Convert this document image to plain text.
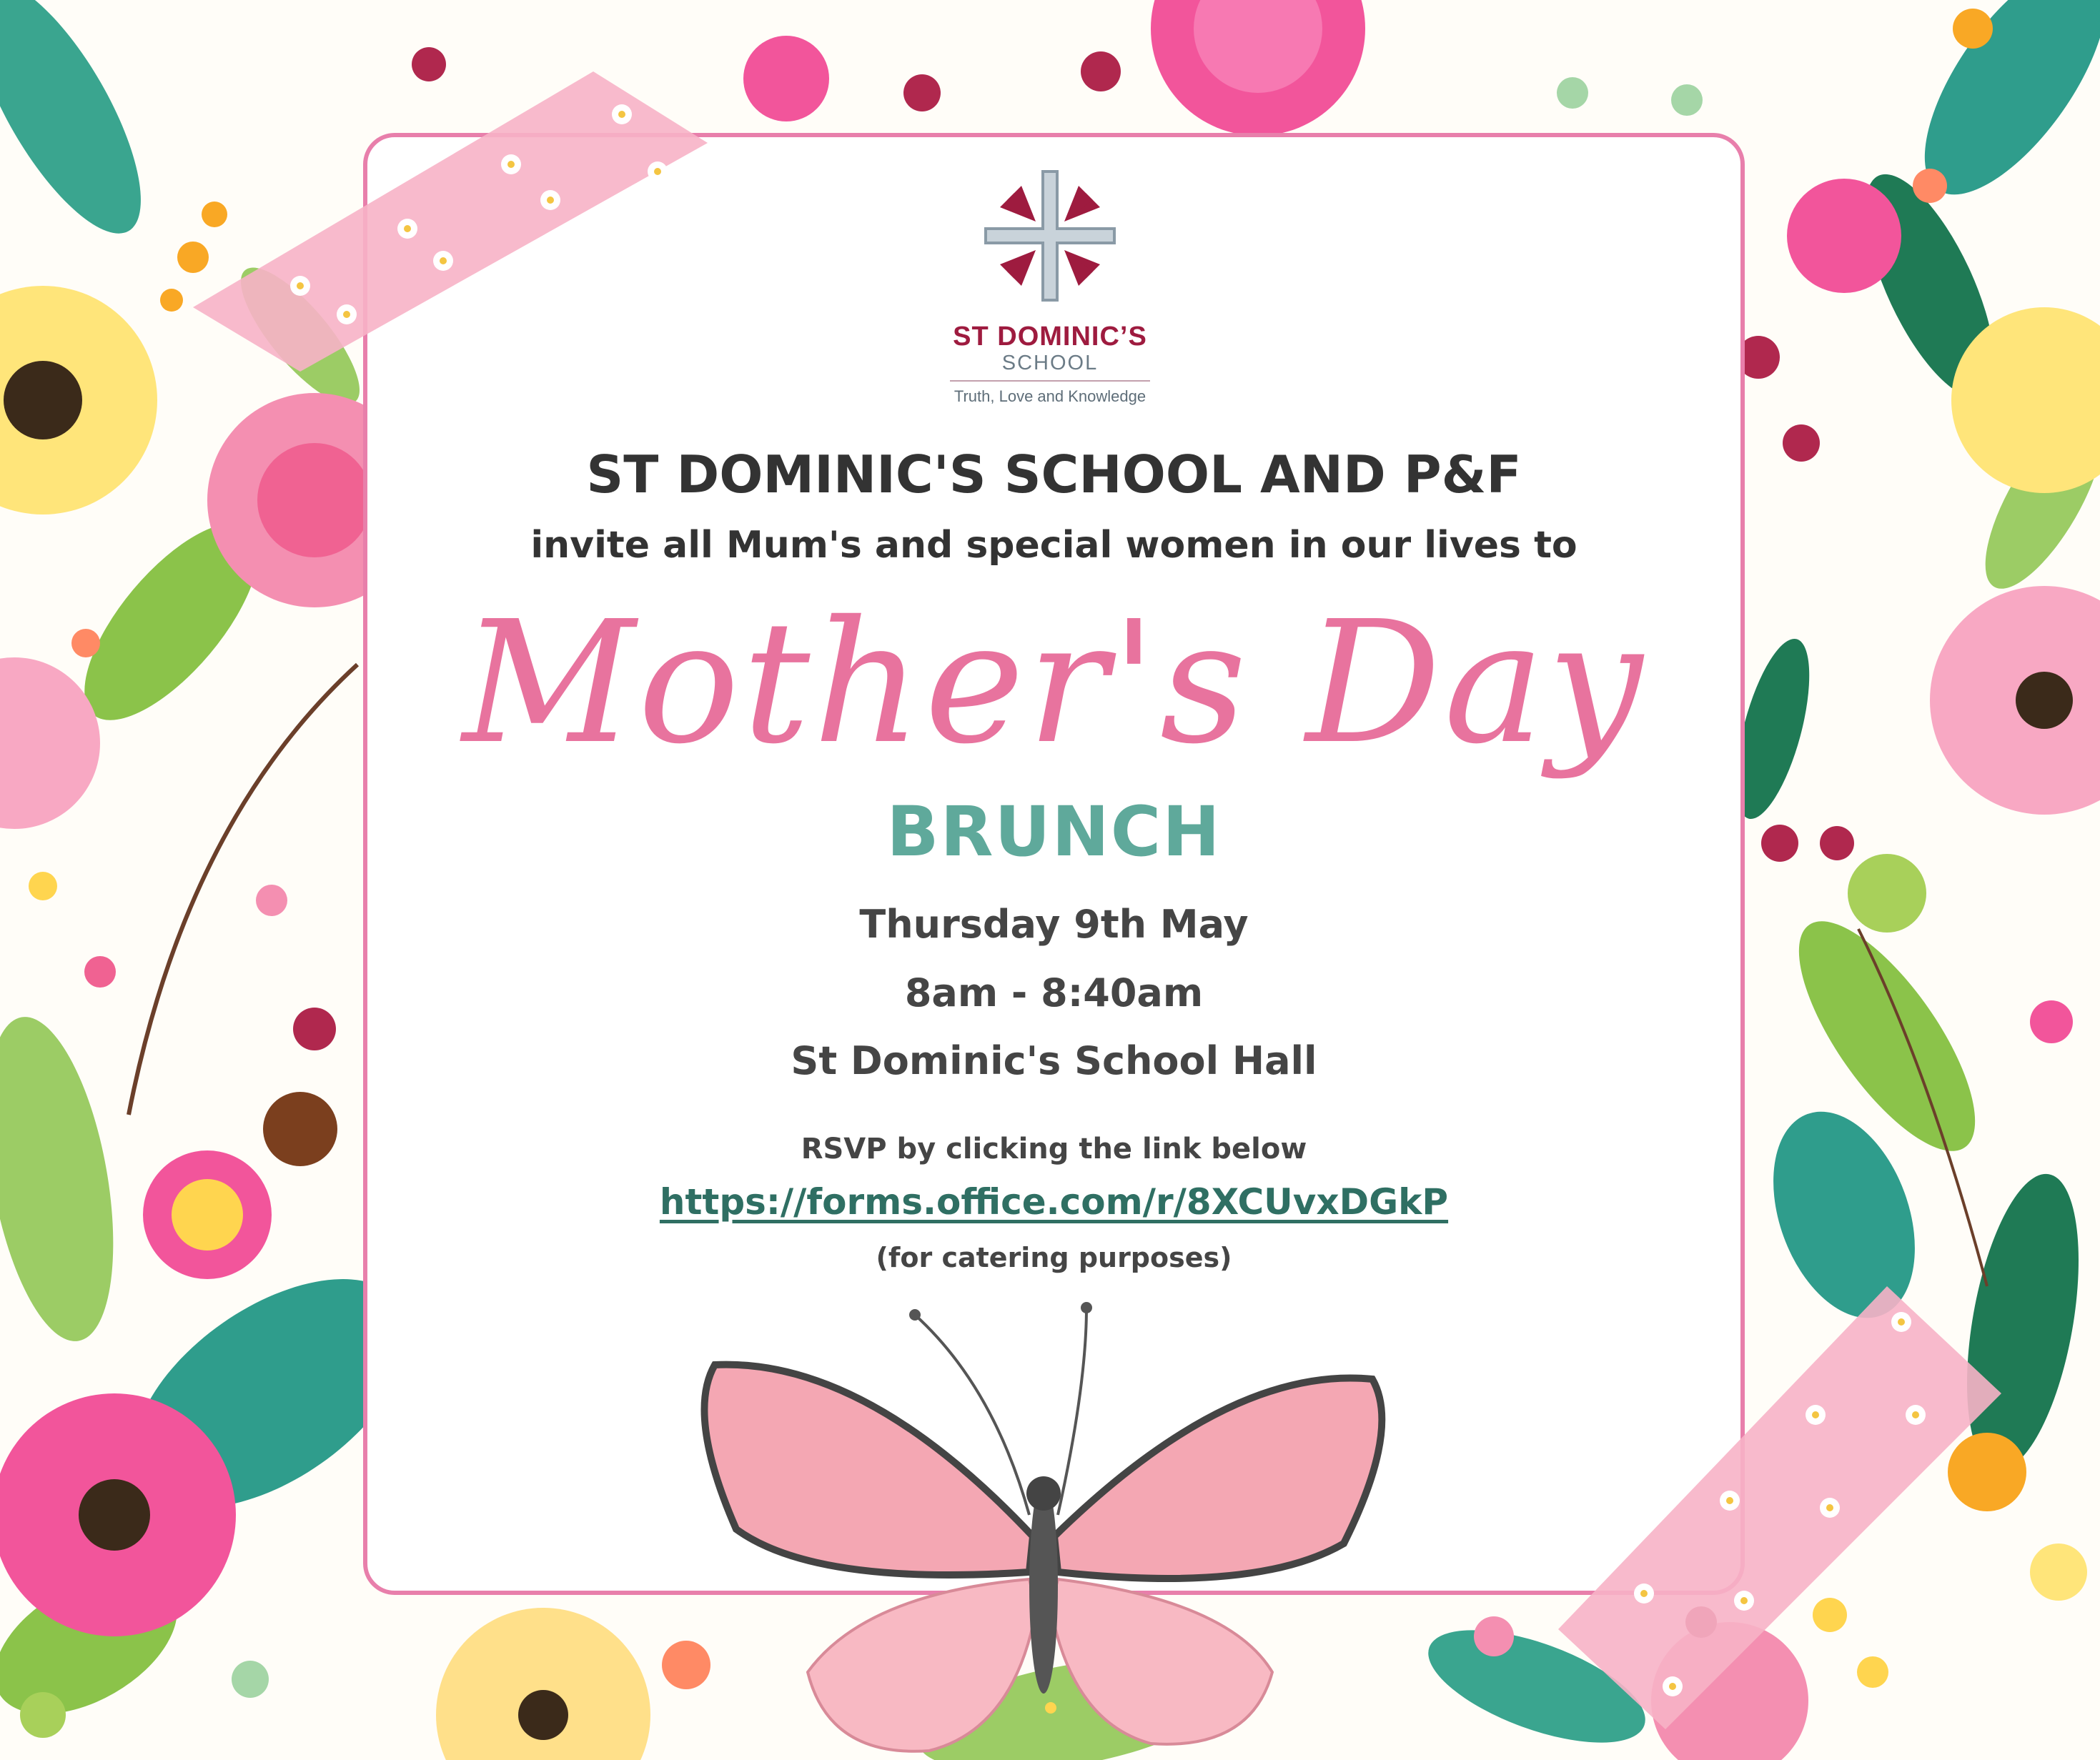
ST DOMINIC’S
SCHOOL
Truth, Love and Knowledge
ST DOMINIC'S SCHOOL AND P&F
invite all Mum's and special women in our lives to
Mother's Day
BRUNCH
Thursday 9th May
8am - 8:40am
St Dominic's School Hall
RSVP by clicking the link below
https://forms.office.com/r/8XCUvxDGkP
(for catering purposes)
